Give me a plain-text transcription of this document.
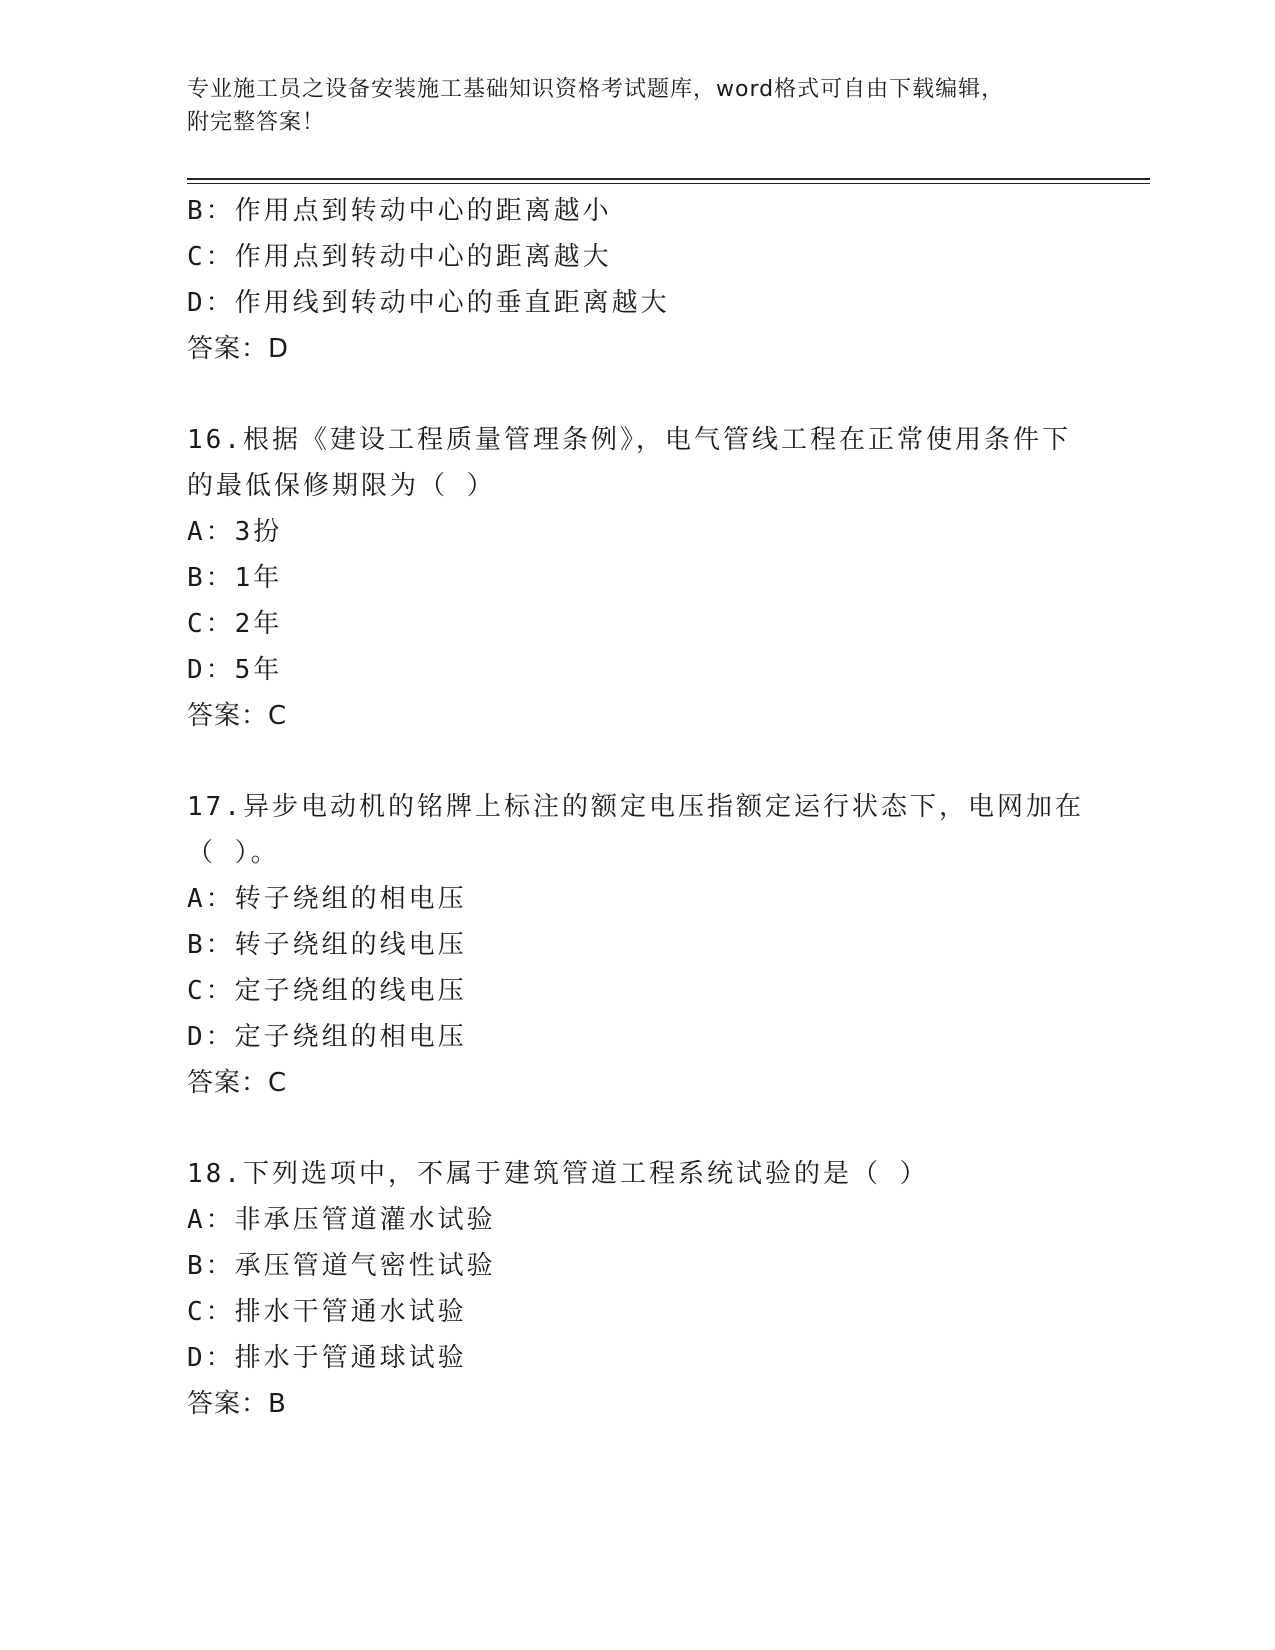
专业施工员之设备安装施工基础知识资格考试题库，word格式可自由下载编辑，
附完整答案！
B：作用点到转动中心的距离越小
C：作用点到转动中心的距离越大
D：作用线到转动中心的垂直距离越大
答案：D
16.根据《建设工程质量管理条例》，电气管线工程在正常使用条件下
的最低保修期限为（ ）
A：3扮
B：1年
C：2年
D：5年
答案：C
17.异步电动机的铭牌上标注的额定电压指额定运行状态下，电网加在
（ ）。
A：转子绕组的相电压
B：转子绕组的线电压
C：定子绕组的线电压
D：定子绕组的相电压
答案：C
18.下列选项中，不属于建筑管道工程系统试验的是（ ）
A：非承压管道灌水试验
B：承压管道气密性试验
C：排水干管通水试验
D：排水于管通球试验
答案：B
